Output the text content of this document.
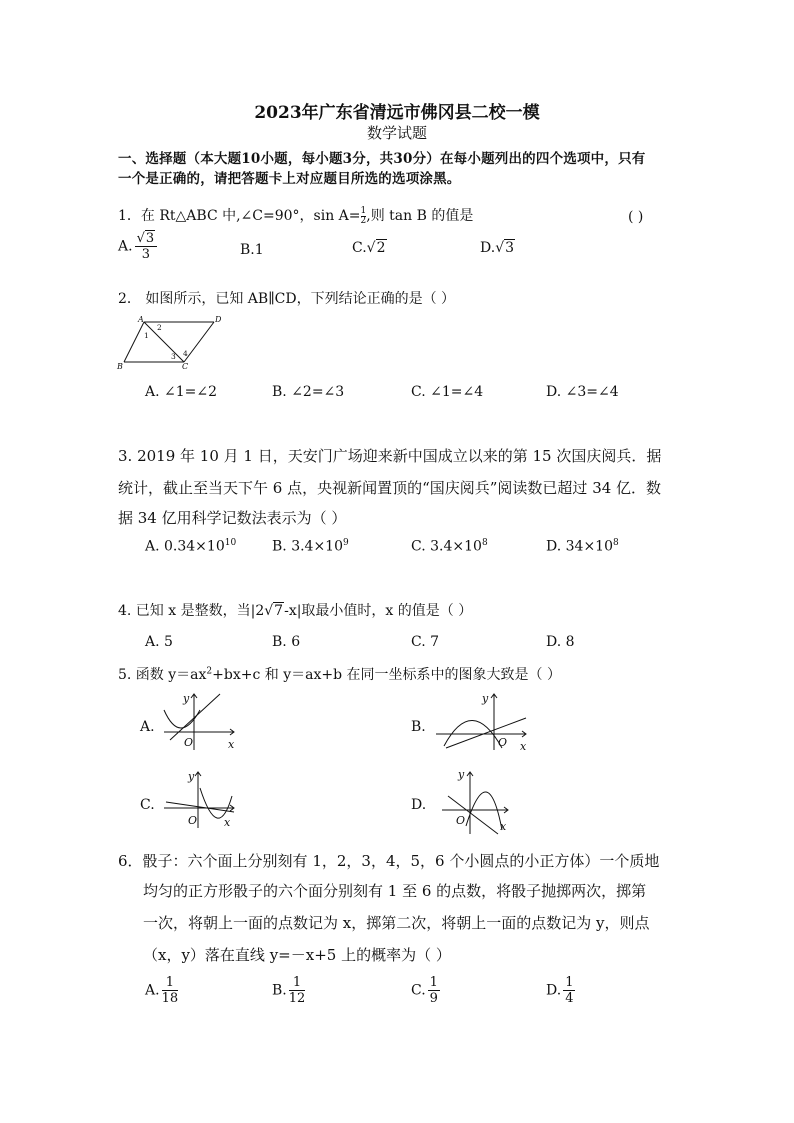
2023年广东省清远市佛冈县二校一模
数学试题
一、选择题（本大题10小题，每小题3分，共30分）在每小题列出的四个选项中，只有
一个是正确的，请把答题卡上对应题目所选的选项涂黑。
1．在 Rt△ABC 中,∠C=90°，$\sin A= \frac{1}{2}$,则 tan B 的值是	( )
A. $\frac{√3}{3}$	B.1	C.√2	D.√3
2． 如图所示，已知 AB∥CD，下列结论正确的是（ ）
A	D
B	C
1
2
3 4
A. ∠1=∠2	B. ∠2=∠3	C. ∠1=∠4	D. ∠3=∠4
3. 2019 年 10 月 1 日，天安门广场迎来新中国成立以来的第 15 次国庆阅兵．据
统计，截止至当天下午 6 点，央视新闻置顶的“国庆阅兵”阅读数已超过 34 亿．数
据 34 亿用科学记数法表示为（ ）
A. $0.34\times 10^{10}$	B. $3.4\times 10^9$	C. $3.4\times 10^8$	D. $34\times 10^8$
4. 已知 x 是整数，当|2√7-x|取最小值时，x 的值是（ ）
A. 5	B. 6	C. 7	D. 8
5. 函数 $y=ax^2+bx+c$ 和 y＝ax+b 在同一坐标系中的图象大致是（ ）
A.
y
x
O
B.
y
x
O
C.
y
x
O
D.
y
x
O
6．骰子：六个面上分别刻有 1，2，3，4，5，6 个小圆点的小正方体）一个质地
均匀的正方形骰子的六个面分别刻有 1 至 6 的点数，将骰子抛掷两次，掷第
一次，将朝上一面的点数记为 x，掷第二次，将朝上一面的点数记为 y，则点
（x，y）落在直线 y=－x+5 上的概率为（ ）
A. $\frac{1}{18}$	B. $\frac{1}{12}$	C. $\frac{1}{9}$	D. $\frac{1}{4}$
